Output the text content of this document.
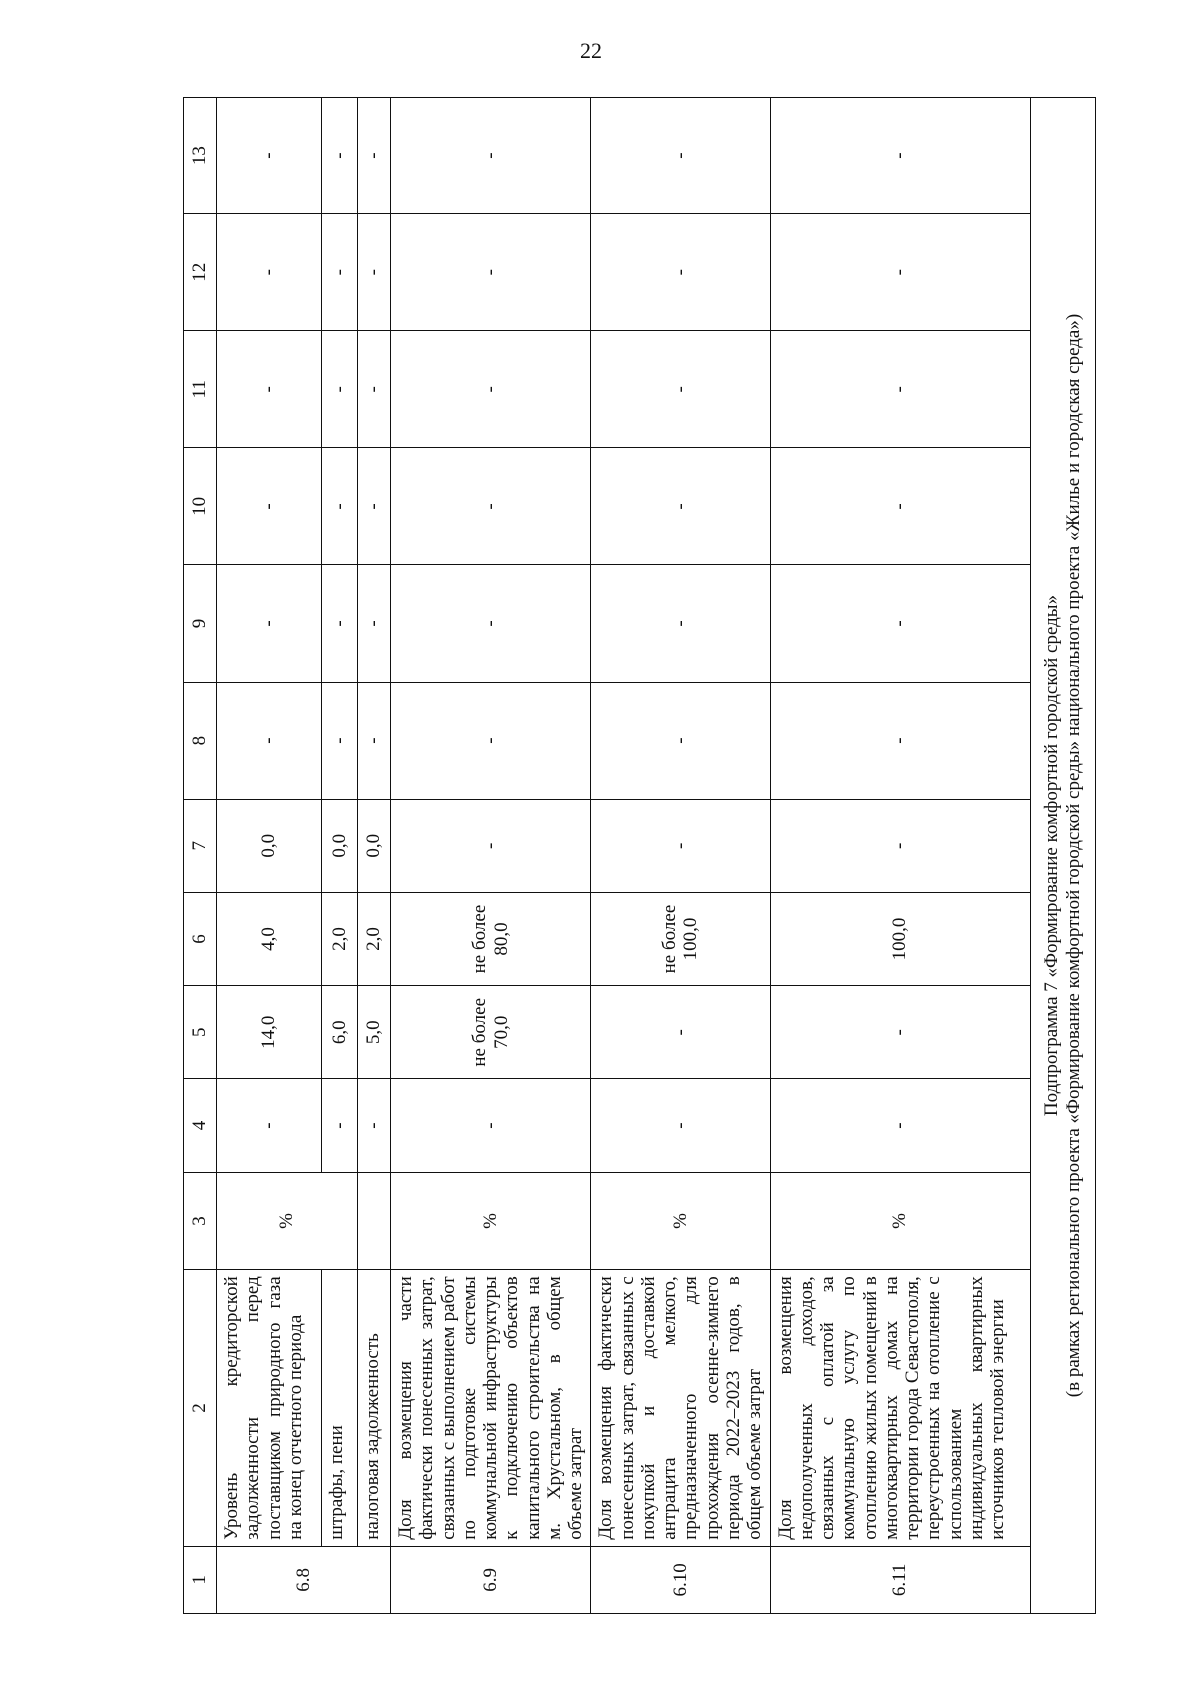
22
1	2	3	4	5	6	7	8	9	10	11	12	13
6.8	Уровень кредиторской задолженности перед поставщиком природного газа на конец отчетного периода	%	-	14,0	4,0	0,0	-	-	-	-	-	-
	штрафы, пени		-	6,0	2,0	0,0	-	-	-	-	-	-
	налоговая задолженность		-	5,0	2,0	0,0	-	-	-	-	-	-
6.9	Доля возмещения части фактически понесенных затрат, связанных с выполнением работ по подготовке системы коммунальной инфраструктуры к подключению объектов капитального строительства на м. Хрустальном, в общем объеме затрат	%	-	не более 70,0	не более 80,0	-	-	-	-	-	-	-
6.10	Доля возмещения фактически понесенных затрат, связанных с покупкой и доставкой антрацита мелкого, предназначенного для прохождения осенне-зимнего периода 2022–2023 годов, в общем объеме затрат	%	-	-	не более 100,0	-	-	-	-	-	-	-
6.11	Доля возмещения недополученных доходов, связанных с оплатой за коммунальную услугу по отоплению жилых помещений в многоквартирных домах на территории города Севастополя, переустроенных на отопление с использованием индивидуальных квартирных источников тепловой энергии	%	-	-	100,0	-	-	-	-	-	-	-

Подпрограмма 7 «Формирование комфортной городской среды» (в рамках регионального проекта «Формирование комфортной городской среды» национального проекта «Жилье и городская среда»)												
